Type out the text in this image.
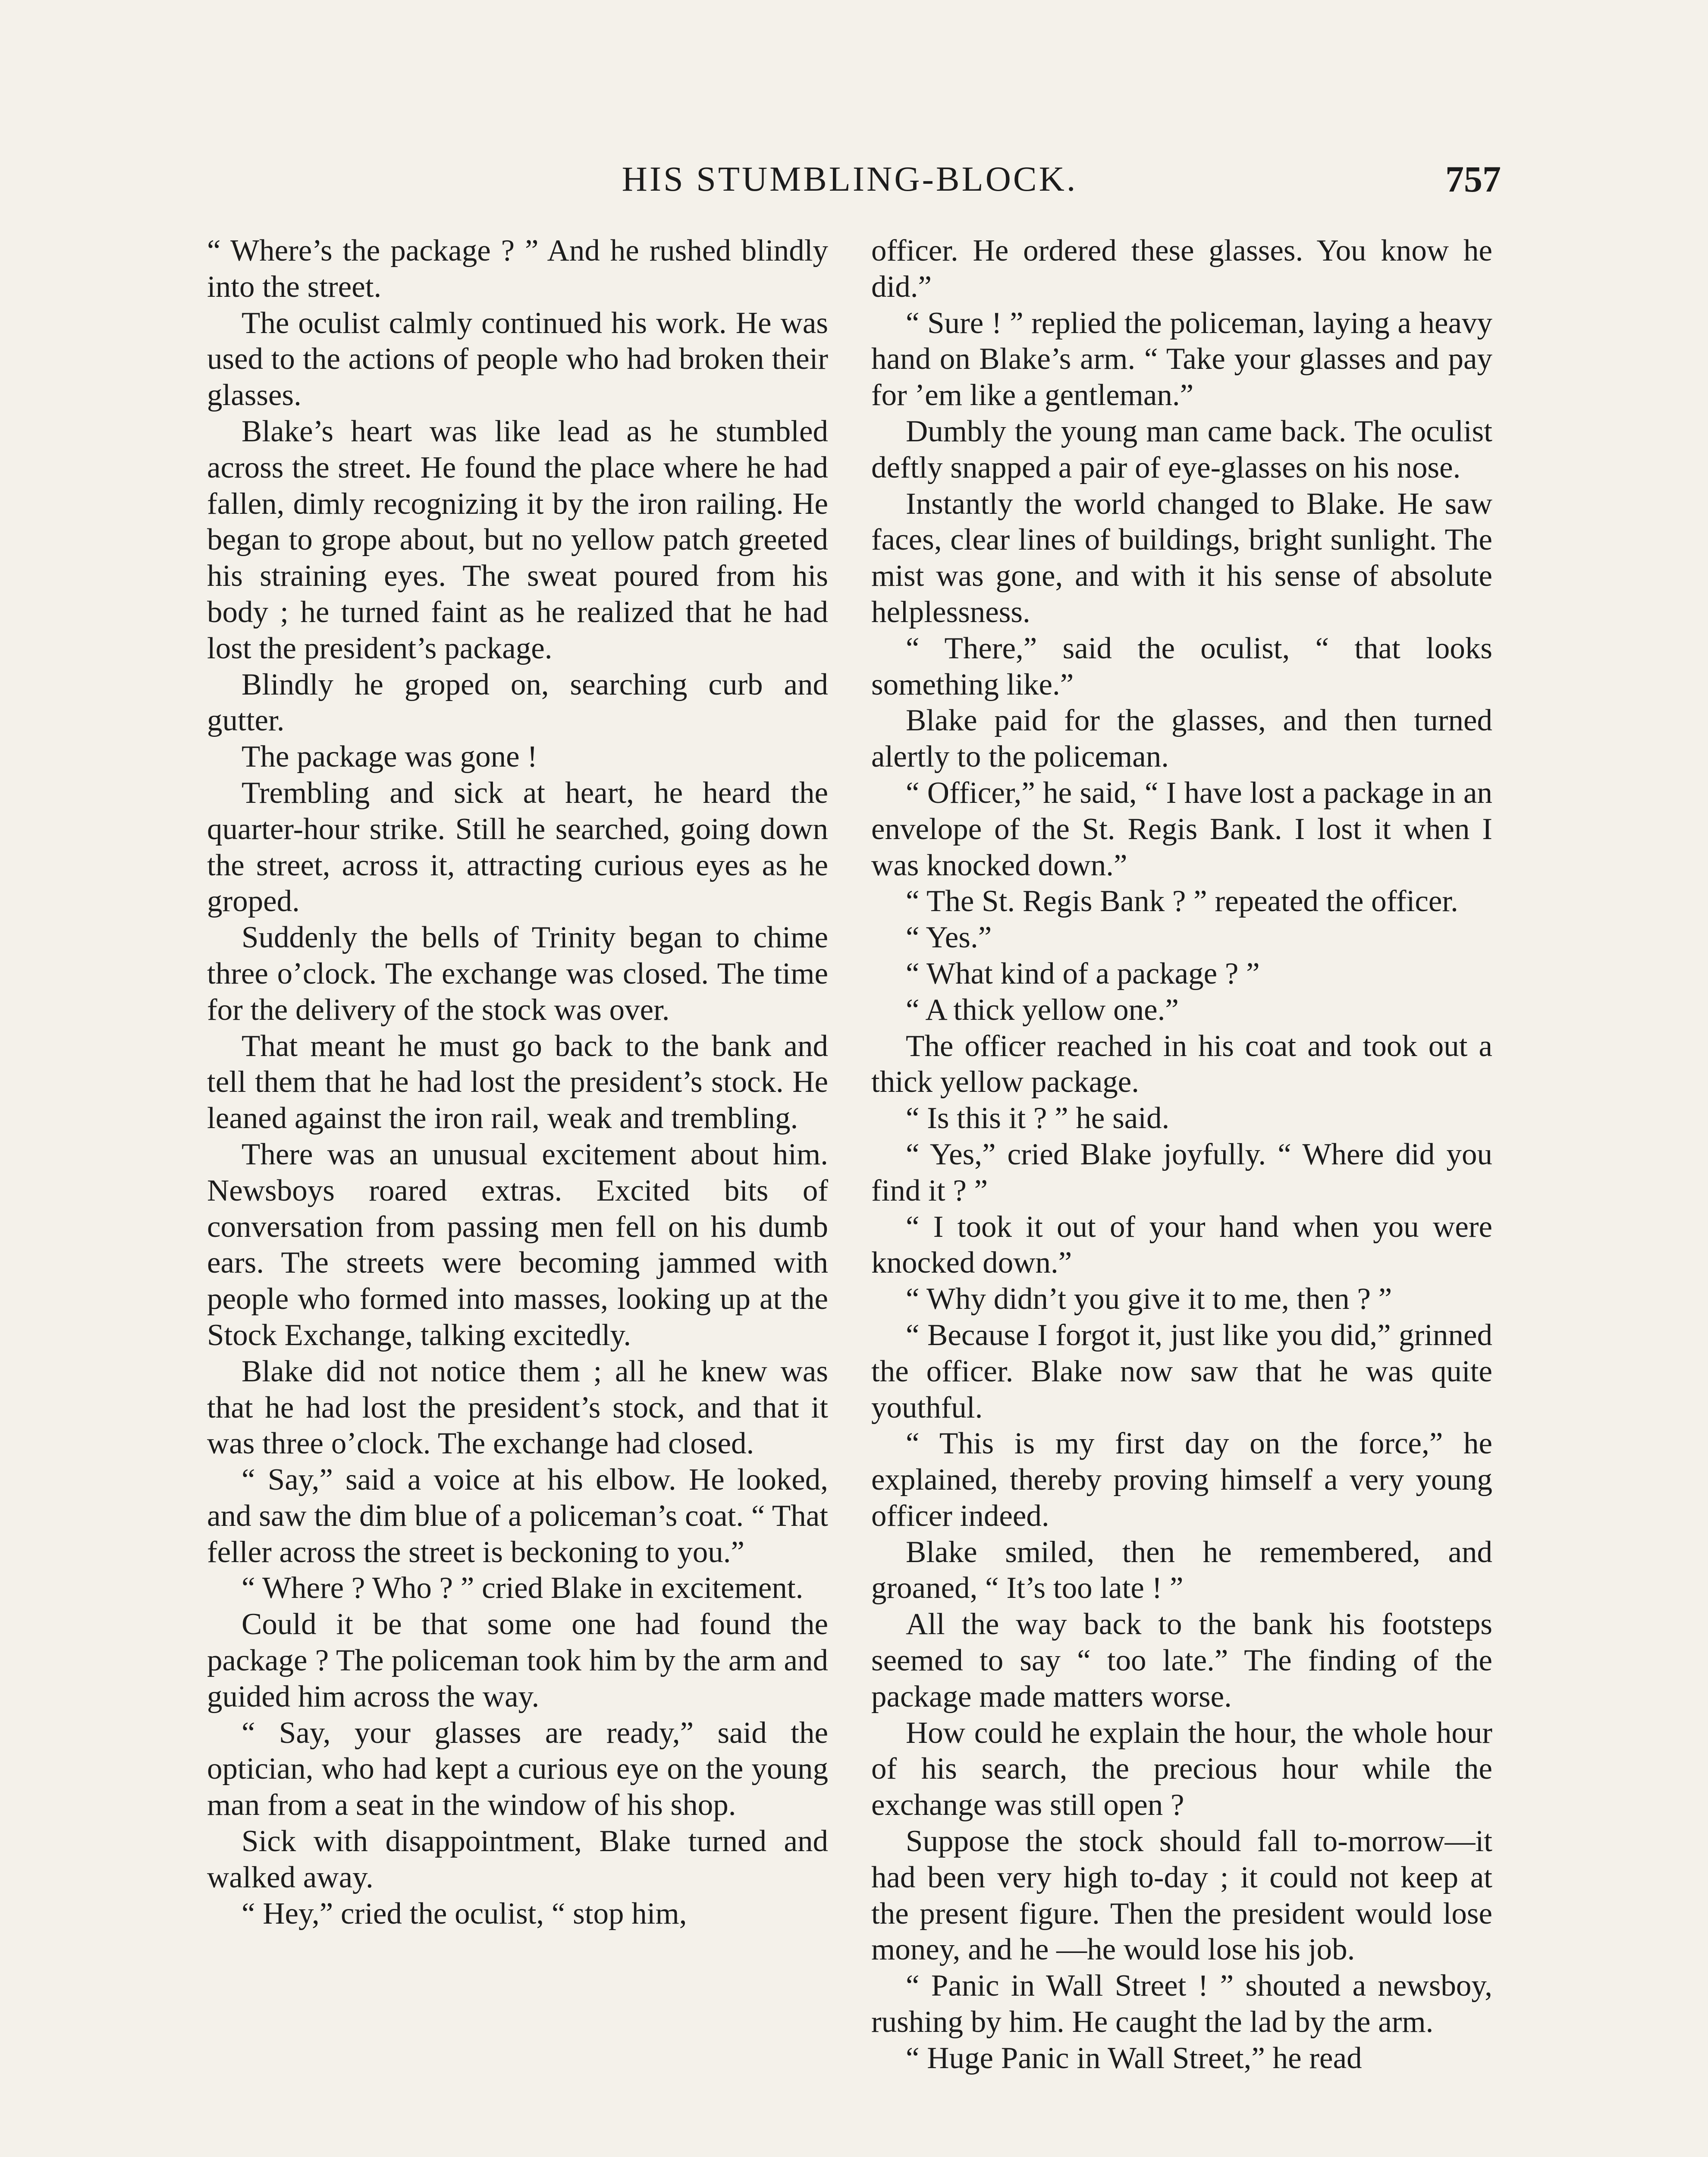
HIS STUMBLING-BLOCK.	757

“ Where’s the package ? ” And he rushed blindly into the street.

The oculist calmly continued his work. He was used to the actions of people who had broken their glasses.

Blake’s heart was like lead as he stumbled across the street. He found the place where he had fallen, dimly recognizing it by the iron railing. He began to grope about, but no yellow patch greeted his straining eyes. The sweat poured from his body ; he turned faint as he realized that he had lost the president’s package.

Blindly he groped on, searching curb and gutter.

The package was gone !

Trembling and sick at heart, he heard the quarter-hour strike. Still he searched, going down the street, across it, attracting curious eyes as he groped.

Suddenly the bells of Trinity began to chime three o’clock. The exchange was closed. The time for the delivery of the stock was over.

That meant he must go back to the bank and tell them that he had lost the president’s stock. He leaned against the iron rail, weak and trembling.

There was an unusual excitement about him. Newsboys roared extras. Excited bits of conversation from passing men fell on his dumb ears. The streets were becoming jammed with people who formed into masses, looking up at the Stock Exchange, talking excitedly.

Blake did not notice them ; all he knew was that he had lost the president’s stock, and that it was three o’clock. The exchange had closed.

“ Say,” said a voice at his elbow. He looked, and saw the dim blue of a policeman’s coat. “ That feller across the street is beckoning to you.”

“ Where ? Who ? ” cried Blake in excitement.

Could it be that some one had found the package ? The policeman took him by the arm and guided him across the way.

“ Say, your glasses are ready,” said the optician, who had kept a curious eye on the young man from a seat in the window of his shop.

Sick with disappointment, Blake turned and walked away.

“ Hey,” cried the oculist, “ stop him,

officer. He ordered these glasses. You know he did.”

“ Sure ! ” replied the policeman, laying a heavy hand on Blake’s arm. “ Take your glasses and pay for ’em like a gentleman.”

Dumbly the young man came back. The oculist deftly snapped a pair of eye-glasses on his nose.

Instantly the world changed to Blake. He saw faces, clear lines of buildings, bright sunlight. The mist was gone, and with it his sense of absolute helplessness.

“ There,” said the oculist, “ that looks something like.”

Blake paid for the glasses, and then turned alertly to the policeman.

“ Officer,” he said, “ I have lost a package in an envelope of the St. Regis Bank. I lost it when I was knocked down.”

“ The St. Regis Bank ? ” repeated the officer.

“ Yes.”

“ What kind of a package ? ”

“ A thick yellow one.”

The officer reached in his coat and took out a thick yellow package.

“ Is this it ? ” he said.

“ Yes,” cried Blake joyfully. “ Where did you find it ? ”

“ I took it out of your hand when you were knocked down.”

“ Why didn’t you give it to me, then ? ”

“ Because I forgot it, just like you did,” grinned the officer. Blake now saw that he was quite youthful.

“ This is my first day on the force,” he explained, thereby proving himself a very young officer indeed.

Blake smiled, then he remembered, and groaned, “ It’s too late ! ”

All the way back to the bank his footsteps seemed to say “ too late.” The finding of the package made matters worse.

How could he explain the hour, the whole hour of his search, the precious hour while the exchange was still open ?

Suppose the stock should fall to-morrow—it had been very high to-day ; it could not keep at the present figure. Then the president would lose money, and he —he would lose his job.

“ Panic in Wall Street ! ” shouted a newsboy, rushing by him. He caught the lad by the arm.

“ Huge Panic in Wall Street,” he read
